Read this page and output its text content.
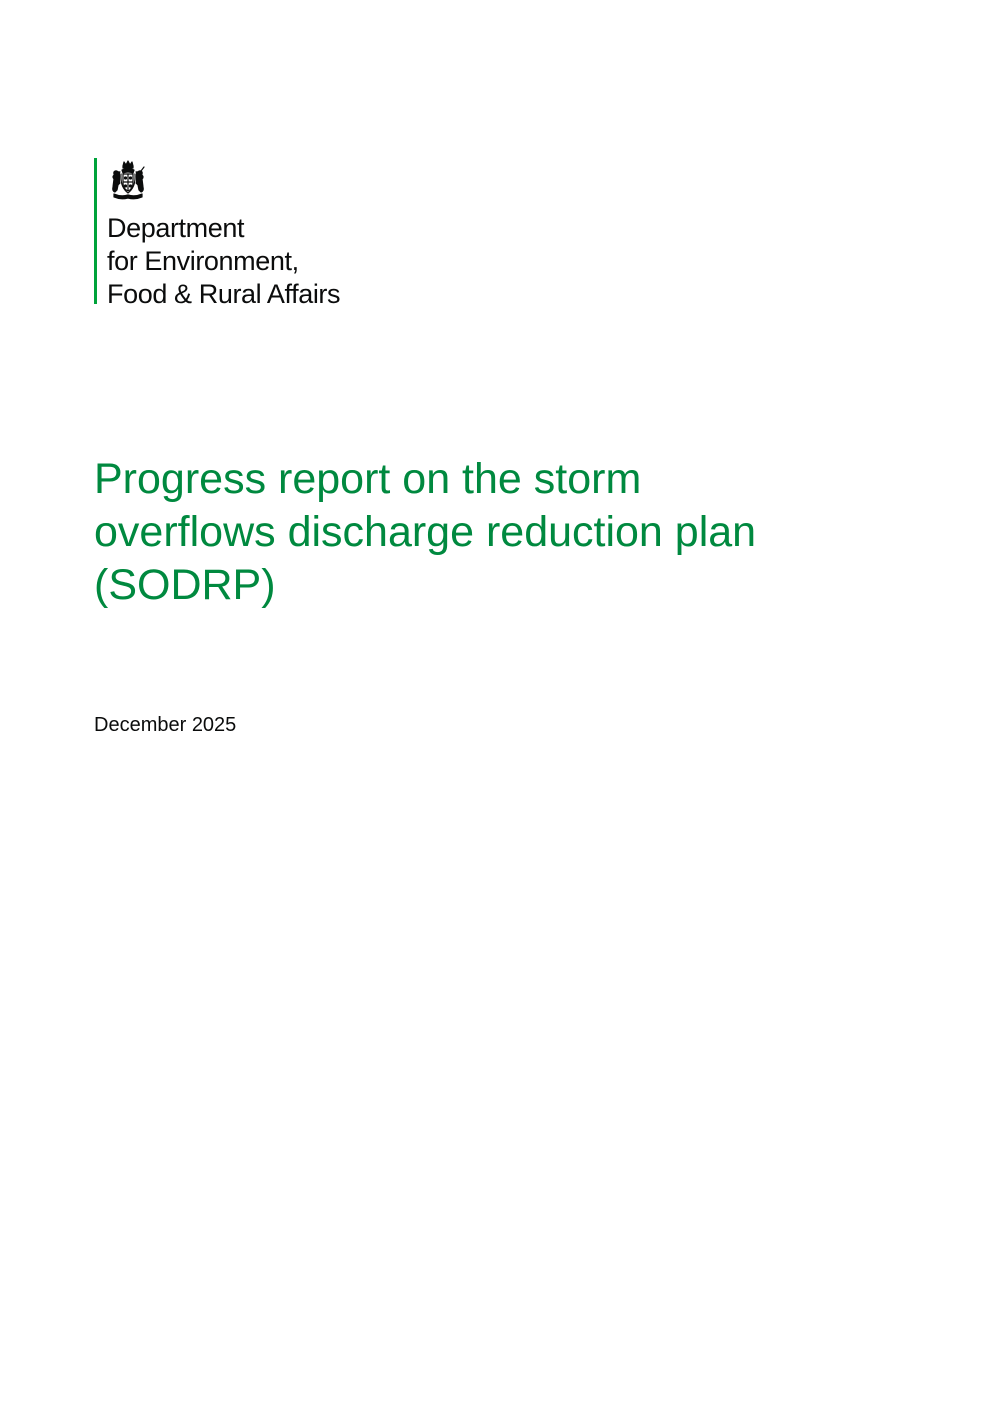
Department
for Environment,
Food & Rural Affairs
Progress report on the storm
overflows discharge reduction plan
(SODRP)
December 2025
